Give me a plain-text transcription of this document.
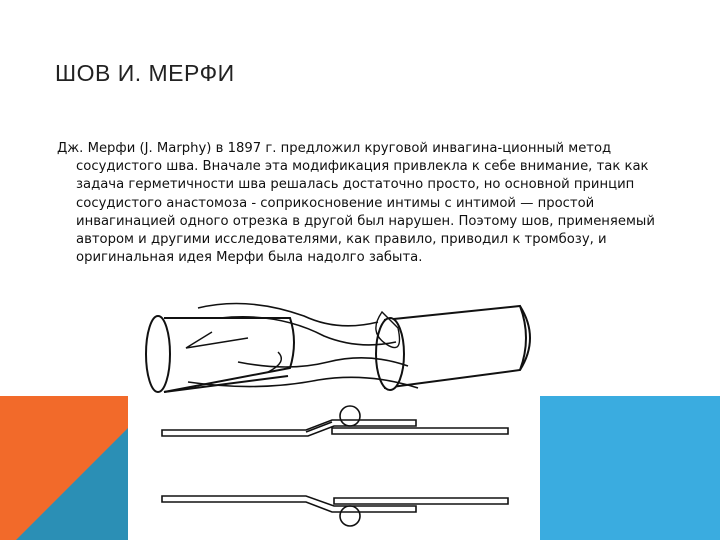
ШОВ И. МЕРФИ

Дж. Мерфи (J. Marphy) в 1897 г. предложил круговой инвагина-ционный метод сосудистого шва. Вначале эта модификация привлекла к себе внимание, так как задача герметичности шва решалась достаточно просто, но основной принцип сосудистого анастомоза - соприкосновение интимы с интимой — простой инвагинацией одного отрезка в другой был нарушен. Поэтому шов, применяемый автором и другими исследователями, как правило, приводил к тромбозу, и оригинальная идея Мерфи была надолго забыта.
